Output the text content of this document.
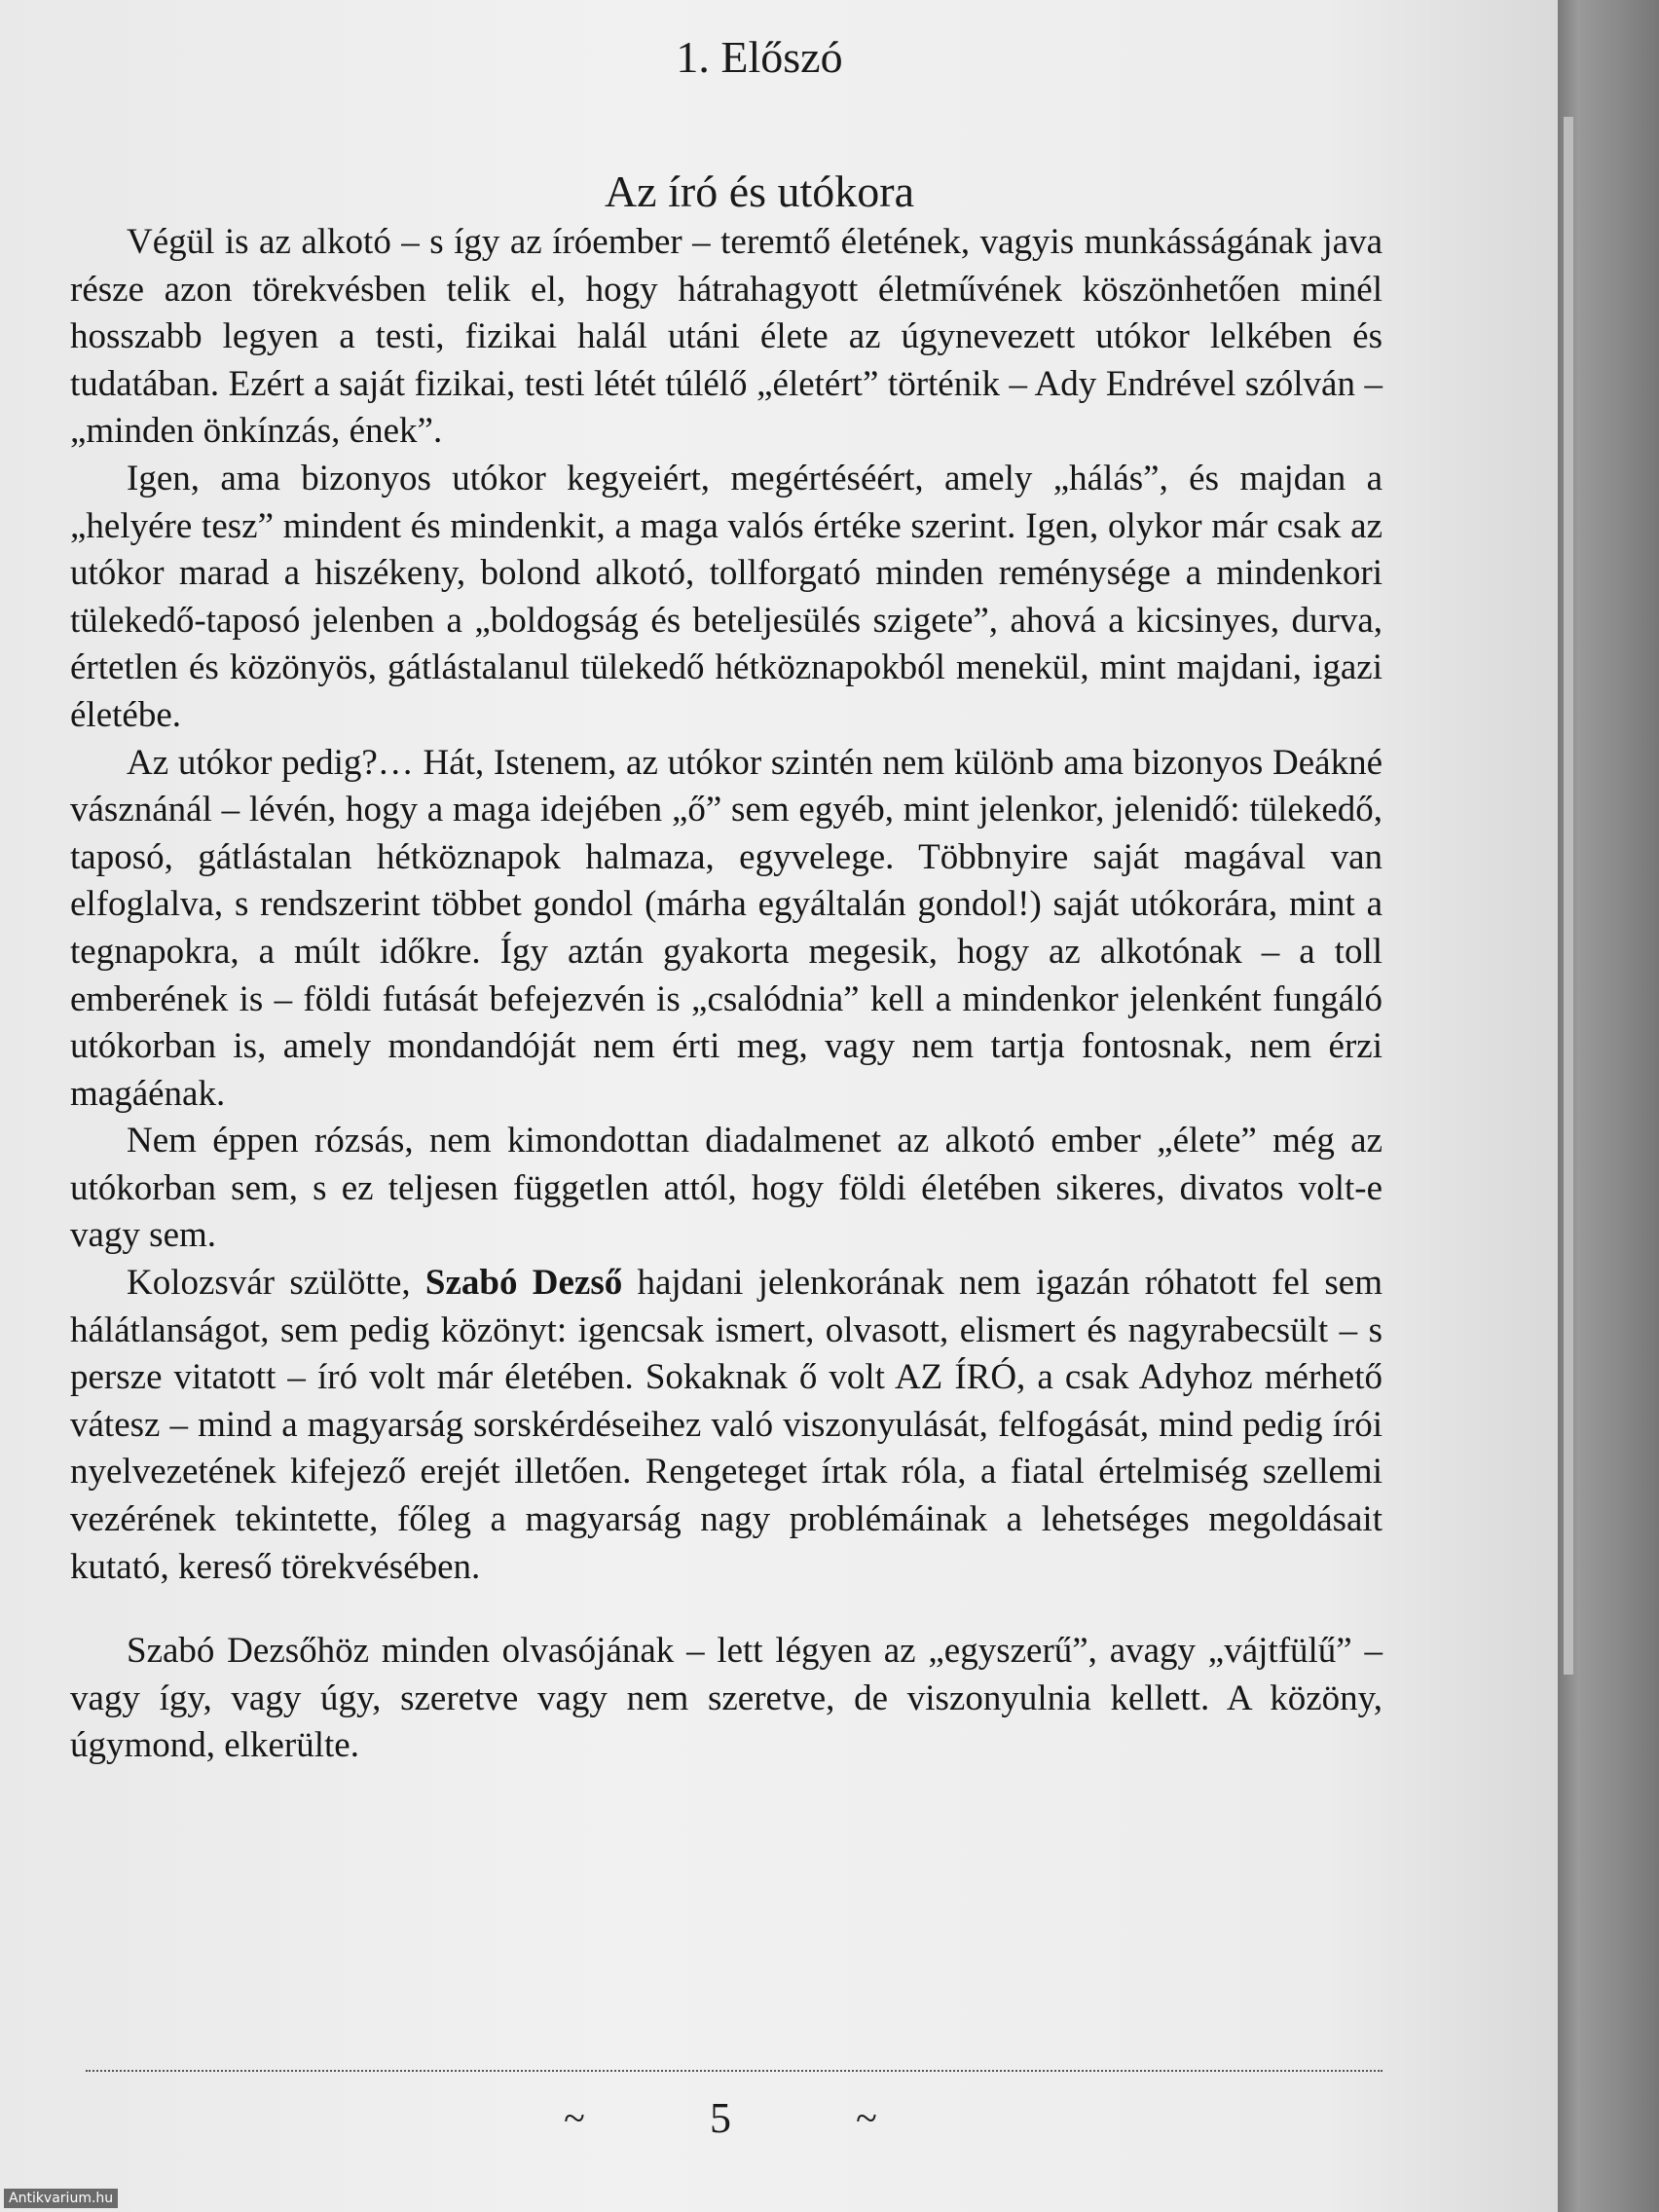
1. Előszó
Az író és utókora

Végül is az alkotó – s így az íróember – teremtő életének, vagyis munkásságának java része azon törekvésben telik el, hogy hátrahagyott életművének köszönhetően minél hosszabb legyen a testi, fizikai halál utáni élete az úgynevezett utókor lelkében és tudatában. Ezért a saját fizikai, testi létét túlélő „életért” történik – Ady Endrével szólván – „minden önkínzás, ének”.

Igen, ama bizonyos utókor kegyeiért, megértéséért, amely „hálás”, és majdan a „helyére tesz” mindent és mindenkit, a maga valós értéke szerint. Igen, olykor már csak az utókor marad a hiszékeny, bolond alkotó, tollforgató minden reménysége a mindenkori tülekedő-taposó jelenben a „boldogság és beteljesülés szigete”, ahová a kicsinyes, durva, értetlen és közönyös, gátlástalanul tülekedő hétköznapokból menekül, mint majdani, igazi életébe.

Az utókor pedig?… Hát, Istenem, az utókor szintén nem különb ama bizonyos Deákné vásznánál – lévén, hogy a maga idejében „ő” sem egyéb, mint jelenkor, jelenidő: tülekedő, taposó, gátlástalan hétköznapok halmaza, egyvelege. Többnyire saját magával van elfoglalva, s rendszerint többet gondol (márha egyáltalán gondol!) saját utókorára, mint a tegnapokra, a múlt időkre. Így aztán gyakorta megesik, hogy az alkotónak – a toll emberének is – földi futását befejezvén is „csalódnia” kell a mindenkor jelenként fungáló utókorban is, amely mondandóját nem érti meg, vagy nem tartja fontosnak, nem érzi magáénak.

Nem éppen rózsás, nem kimondottan diadalmenet az alkotó ember „élete” még az utókorban sem, s ez teljesen független attól, hogy földi életében sikeres, divatos volt-e vagy sem.

Kolozsvár szülötte, Szabó Dezső hajdani jelenkorának nem igazán róhatott fel sem hálátlanságot, sem pedig közönyt: igencsak ismert, olvasott, elismert és nagyrabecsült – s persze vitatott – író volt már életében. Sokaknak ő volt AZ ÍRÓ, a csak Adyhoz mérhető vátesz – mind a magyarság sorskérdéseihez való viszonyulását, felfogását, mind pedig írói nyelvezetének kifejező erejét illetően. Rengeteget írtak róla, a fiatal értelmiség szellemi vezérének tekintette, főleg a magyarság nagy problémáinak a lehetséges megoldásait kutató, kereső törekvésében.

Szabó Dezsőhöz minden olvasójának – lett légyen az „egyszerű”, avagy „vájtfülű” – vagy így, vagy úgy, szeretve vagy nem szeretve, de viszonyulnia kellett. A közöny, úgymond, elkerülte.

~	5	~
Antikvarium.hu
